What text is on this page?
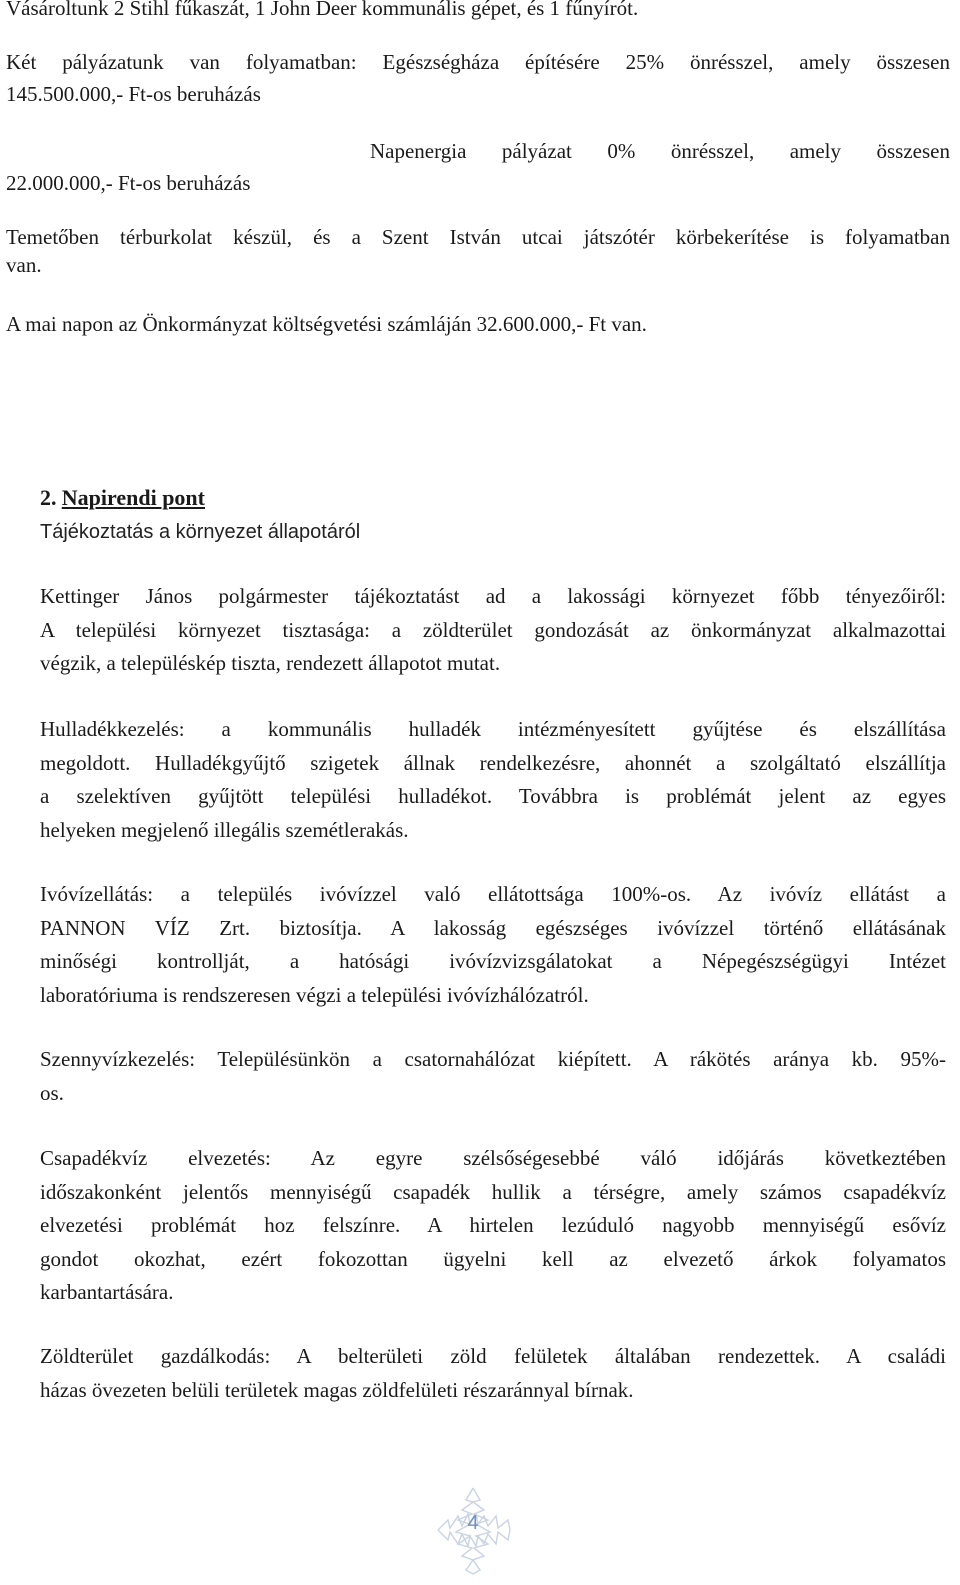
Vásároltunk 2 Stihl fűkaszát, 1 John Deer kommunális gépet, és 1 fűnyírót.

Két pályázatunk van folyamatban: Egészségháza építésére 25% önrésszel, amely összesen
145.500.000,- Ft-os beruházás

Napenergia pályázat 0% önrésszel, amely összesen
22.000.000,- Ft-os beruházás

Temetőben térburkolat készül, és a Szent István utcai játszótér körbekerítése is folyamatban
van.

A mai napon az Önkormányzat költségvetési számláján 32.600.000,- Ft van.

2. Napirendi pont
Tájékoztatás a környezet állapotáról

Kettinger János polgármester tájékoztatást ad a lakossági környezet főbb tényezőiről:
A települési környezet tisztasága: a zöldterület gondozását az önkormányzat alkalmazottai
végzik, a településkép tiszta, rendezett állapotot mutat.

Hulladékkezelés: a kommunális hulladék intézményesített gyűjtése és elszállítása
megoldott. Hulladékgyűjtő szigetek állnak rendelkezésre, ahonnét a szolgáltató elszállítja
a szelektíven gyűjtött települési hulladékot. Továbbra is problémát jelent az egyes
helyeken megjelenő illegális szemétlerakás.

Ivóvízellátás: a település ivóvízzel való ellátottsága 100%-os. Az ivóvíz ellátást a
PANNON VÍZ Zrt. biztosítja. A lakosság egészséges ivóvízzel történő ellátásának
minőségi kontrollját, a hatósági ivóvízvizsgálatokat a Népegészségügyi Intézet
laboratóriuma is rendszeresen végzi a települési ivóvízhálózatról.

Szennyvízkezelés: Településünkön a csatornahálózat kiépített. A rákötés aránya kb. 95%-
os.

Csapadékvíz elvezetés: Az egyre szélsőségesebbé váló időjárás következtében
időszakonként jelentős mennyiségű csapadék hullik a térségre, amely számos csapadékvíz
elvezetési problémát hoz felszínre. A hirtelen lezúduló nagyobb mennyiségű esővíz
gondot okozhat, ezért fokozottan ügyelni kell az elvezető árkok folyamatos
karbantartására.

Zöldterület gazdálkodás: A belterületi zöld felületek általában rendezettek. A családi
házas övezeten belüli területek magas zöldfelületi részaránnyal bírnak.

4
